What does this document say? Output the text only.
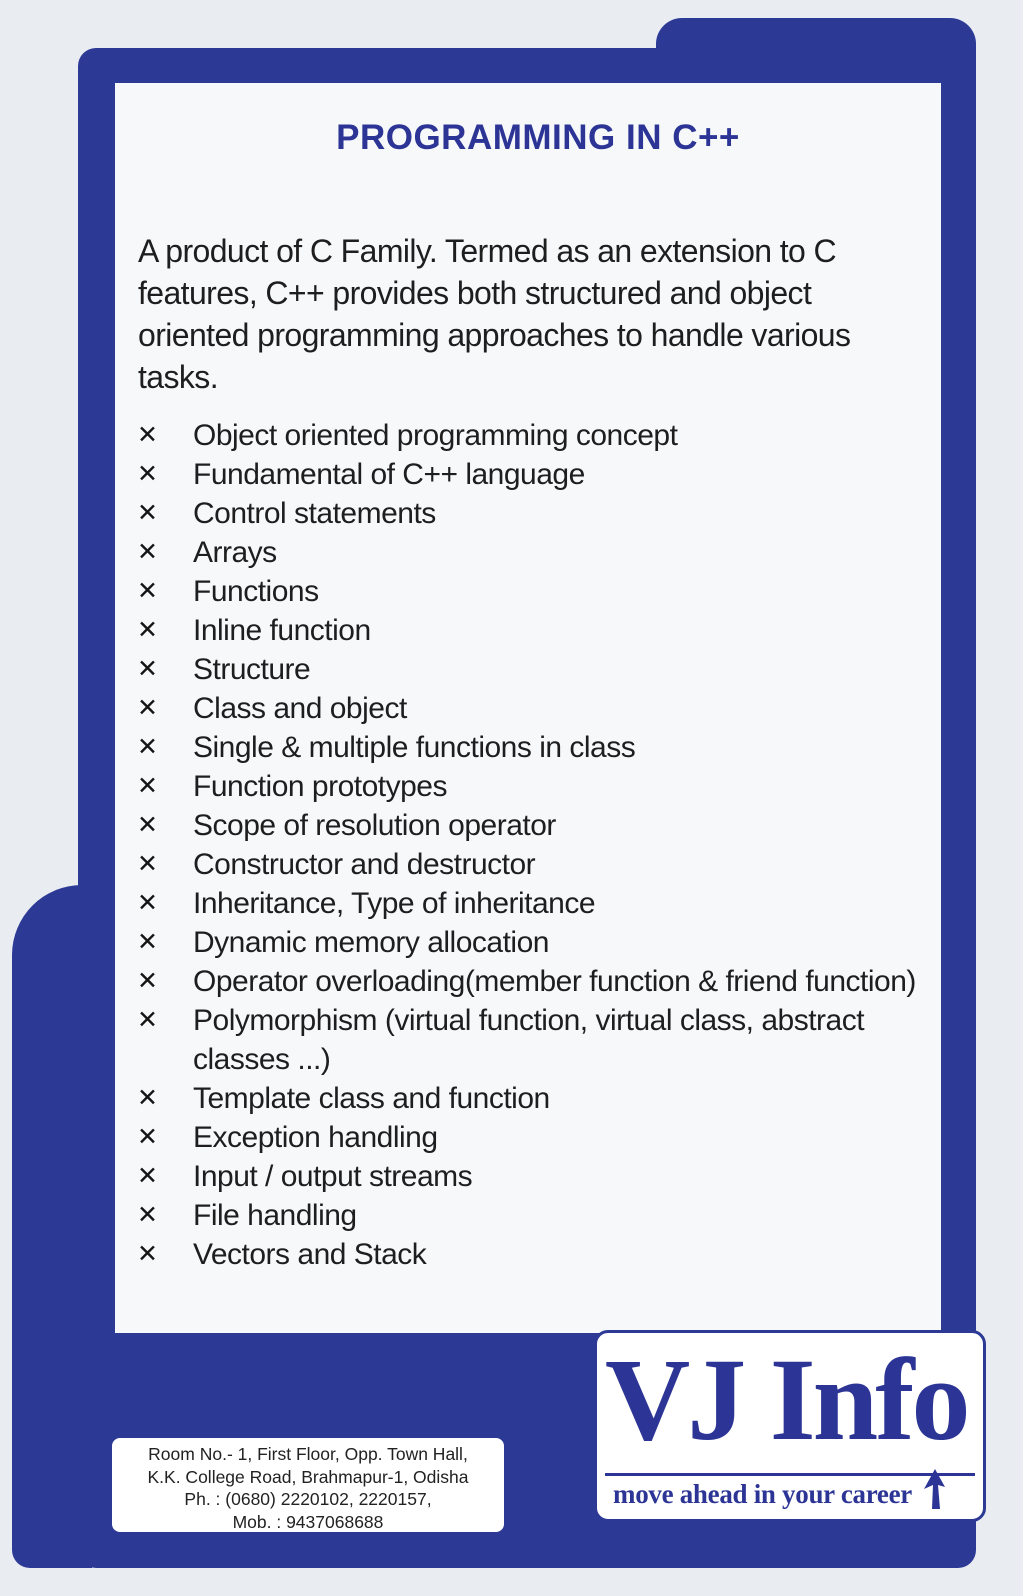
PROGRAMMING IN C++

A product of C Family. Termed as an extension to C features, C++ provides both structured and object oriented programming approaches to handle various tasks.

✕ Object oriented programming concept
✕ Fundamental of C++ language
✕ Control statements
✕ Arrays
✕ Functions
✕ Inline function
✕ Structure
✕ Class and object
✕ Single & multiple functions in class
✕ Function prototypes
✕ Scope of resolution operator
✕ Constructor and destructor
✕ Inheritance, Type of inheritance
✕ Dynamic memory allocation
✕ Operator overloading(member function & friend function)
✕ Polymorphism (virtual function, virtual class, abstract classes ...)
✕ Template class and function
✕ Exception handling
✕ Input / output streams
✕ File handling
✕ Vectors and Stack
Room No.- 1, First Floor, Opp. Town Hall,
K.K. College Road, Brahmapur-1, Odisha
Ph. : (0680) 2220102, 2220157,
Mob. : 9437068688
VJ Info
move ahead in your career
